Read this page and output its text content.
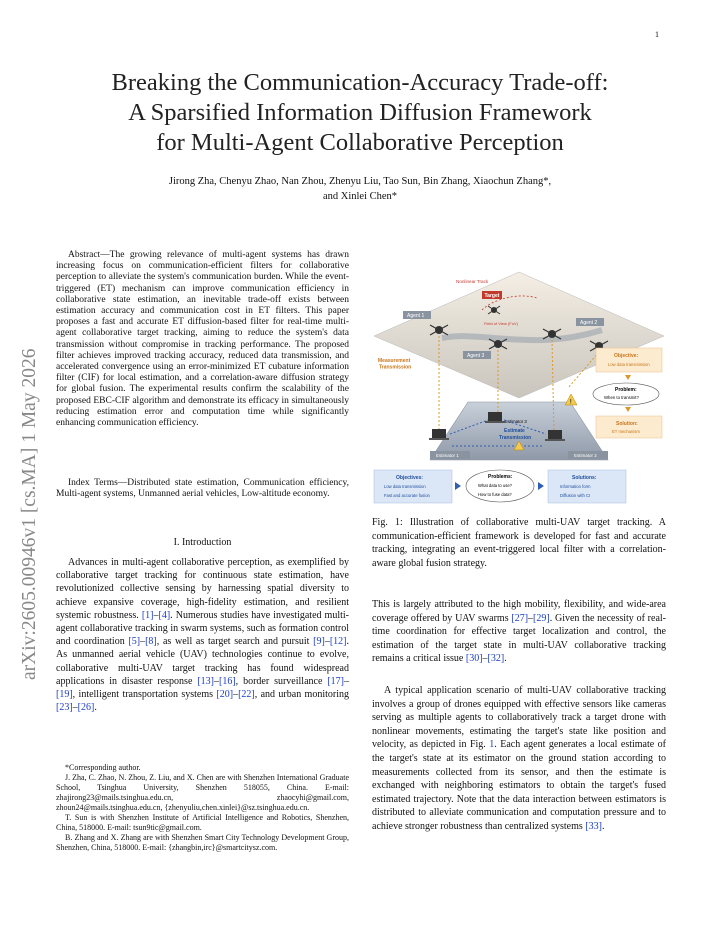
1
arXiv:2605.00946v1 [cs.MA] 1 May 2026
Breaking the Communication-Accuracy Trade-off:
A Sparsified Information Diffusion Framework
for Multi-Agent Collaborative Perception
Jirong Zha, Chenyu Zhao, Nan Zhou, Zhenyu Liu, Tao Sun, Bin Zhang, Xiaochun Zhang*,
and Xinlei Chen*

Abstract—The growing relevance of multi-agent systems has drawn increasing focus on communication-efficient filters for collaborative perception to alleviate the system's communication burden. While the event-triggered (ET) mechanism can improve communication efficiency in collaborative state estimation, an inevitable trade-off exists between estimation accuracy and communication cost in ET filters. This paper proposes a fast and accurate ET diffusion-based filter for real-time multi-agent collaborative target tracking, aiming to reduce the system's data transmission without compromise in tracking performance. The proposed filter achieves improved tracking accuracy, reduced data transmission, and accelerated convergence using an error-minimized ET cubature information filter (CIF) for local estimation, and a correlation-aware diffusion strategy for global fusion. The experimental results confirm the scalability of the proposed EBC-CIF algorithm and demonstrate its efficacy in simultaneously reducing estimation error and computation time while significantly enhancing communication efficiency.

Index Terms—Distributed state estimation, Communication efficiency, Multi-agent systems, Unmanned aerial vehicles, Low-altitude economy.

I. Introduction

Advances in multi-agent collaborative perception, as exemplified by collaborative target tracking for continuous state estimation, have revolutionized collective sensing by harnessing spatial diversity to achieve expansive coverage, high-fidelity estimation, and resilient systemic robustness. [1]–[4]. Numerous studies have investigated multi-agent collaborative tracking in swarm systems, such as formation control and coordination [5]–[8], as well as target search and pursuit [9]–[12]. As unmanned aerial vehicle (UAV) technologies continue to evolve, collaborative multi-UAV target tracking has found widespread applications in disaster response [13]–[16], border surveillance [17]–[19], intelligent transportation systems [20]–[22], and urban monitoring [23]–[26].

*Corresponding author.

J. Zha, C. Zhao, N. Zhou, Z. Liu, and X. Chen are with Shenzhen International Graduate School, Tsinghua University, Shenzhen 518055, China. E-mail: zhajirong23@mails.tsinghua.edu.cn, zhaocyhi@gmail.com, zhoun24@mails.tsinghua.edu.cn, {zhenyuliu,chen.xinlei}@sz.tsinghua.edu.cn.

T. Sun is with Shenzhen Institute of Artificial Intelligence and Robotics, Shenzhen, China, 518000. E-mail: tsun9tic@gmail.com.

B. Zhang and X. Zhang are with Shenzhen Smart City Technology Development Group, Shenzhen, China, 518000. E-mail: {zhangbin,irc}@smartcitysz.com.

Nonlinear Track
Target
Field of View (FoV)
Agent 1
Agent 2
Agent 3
Measurement
Transmission
Objective:
Low data transmission
Problem:
When to transmit?
Solution:
ET mechanism
!
Estimator 3
Estimate
Transmission
Estimator 1	Estimator 2
Objectives:
Low data transmission
Fast and accurate fusion
Problems:
What data to use?
How to fuse data?
Solutions:
Information form
Diffusion with CI

Fig. 1: Illustration of collaborative multi-UAV target tracking. A communication-efficient framework is developed for fast and accurate tracking, integrating an event-triggered local filter with a correlation-aware global fusion strategy.

This is largely attributed to the high mobility, flexibility, and wide-area coverage offered by UAV swarms [27]–[29]. Given the necessity of real-time coordination for effective target localization and control, the estimation of the target state in multi-UAV collaborative tracking remains a critical issue [30]–[32].

A typical application scenario of multi-UAV collaborative tracking involves a group of drones equipped with effective sensors like cameras serving as multiple agents to collaboratively track a target drone with nonlinear movements, estimating the target's state like position and velocity, as depicted in Fig. 1. Each agent generates a local estimate of the target's state at its estimator on the ground station according to measurements collected from its sensor, and then the estimate is exchanged with neighboring estimators to obtain the target's fused estimated trajectory. Note that the data interaction between estimators is distributed to alleviate communication and computation pressure and to achieve stronger robustness than centralized systems [33].
